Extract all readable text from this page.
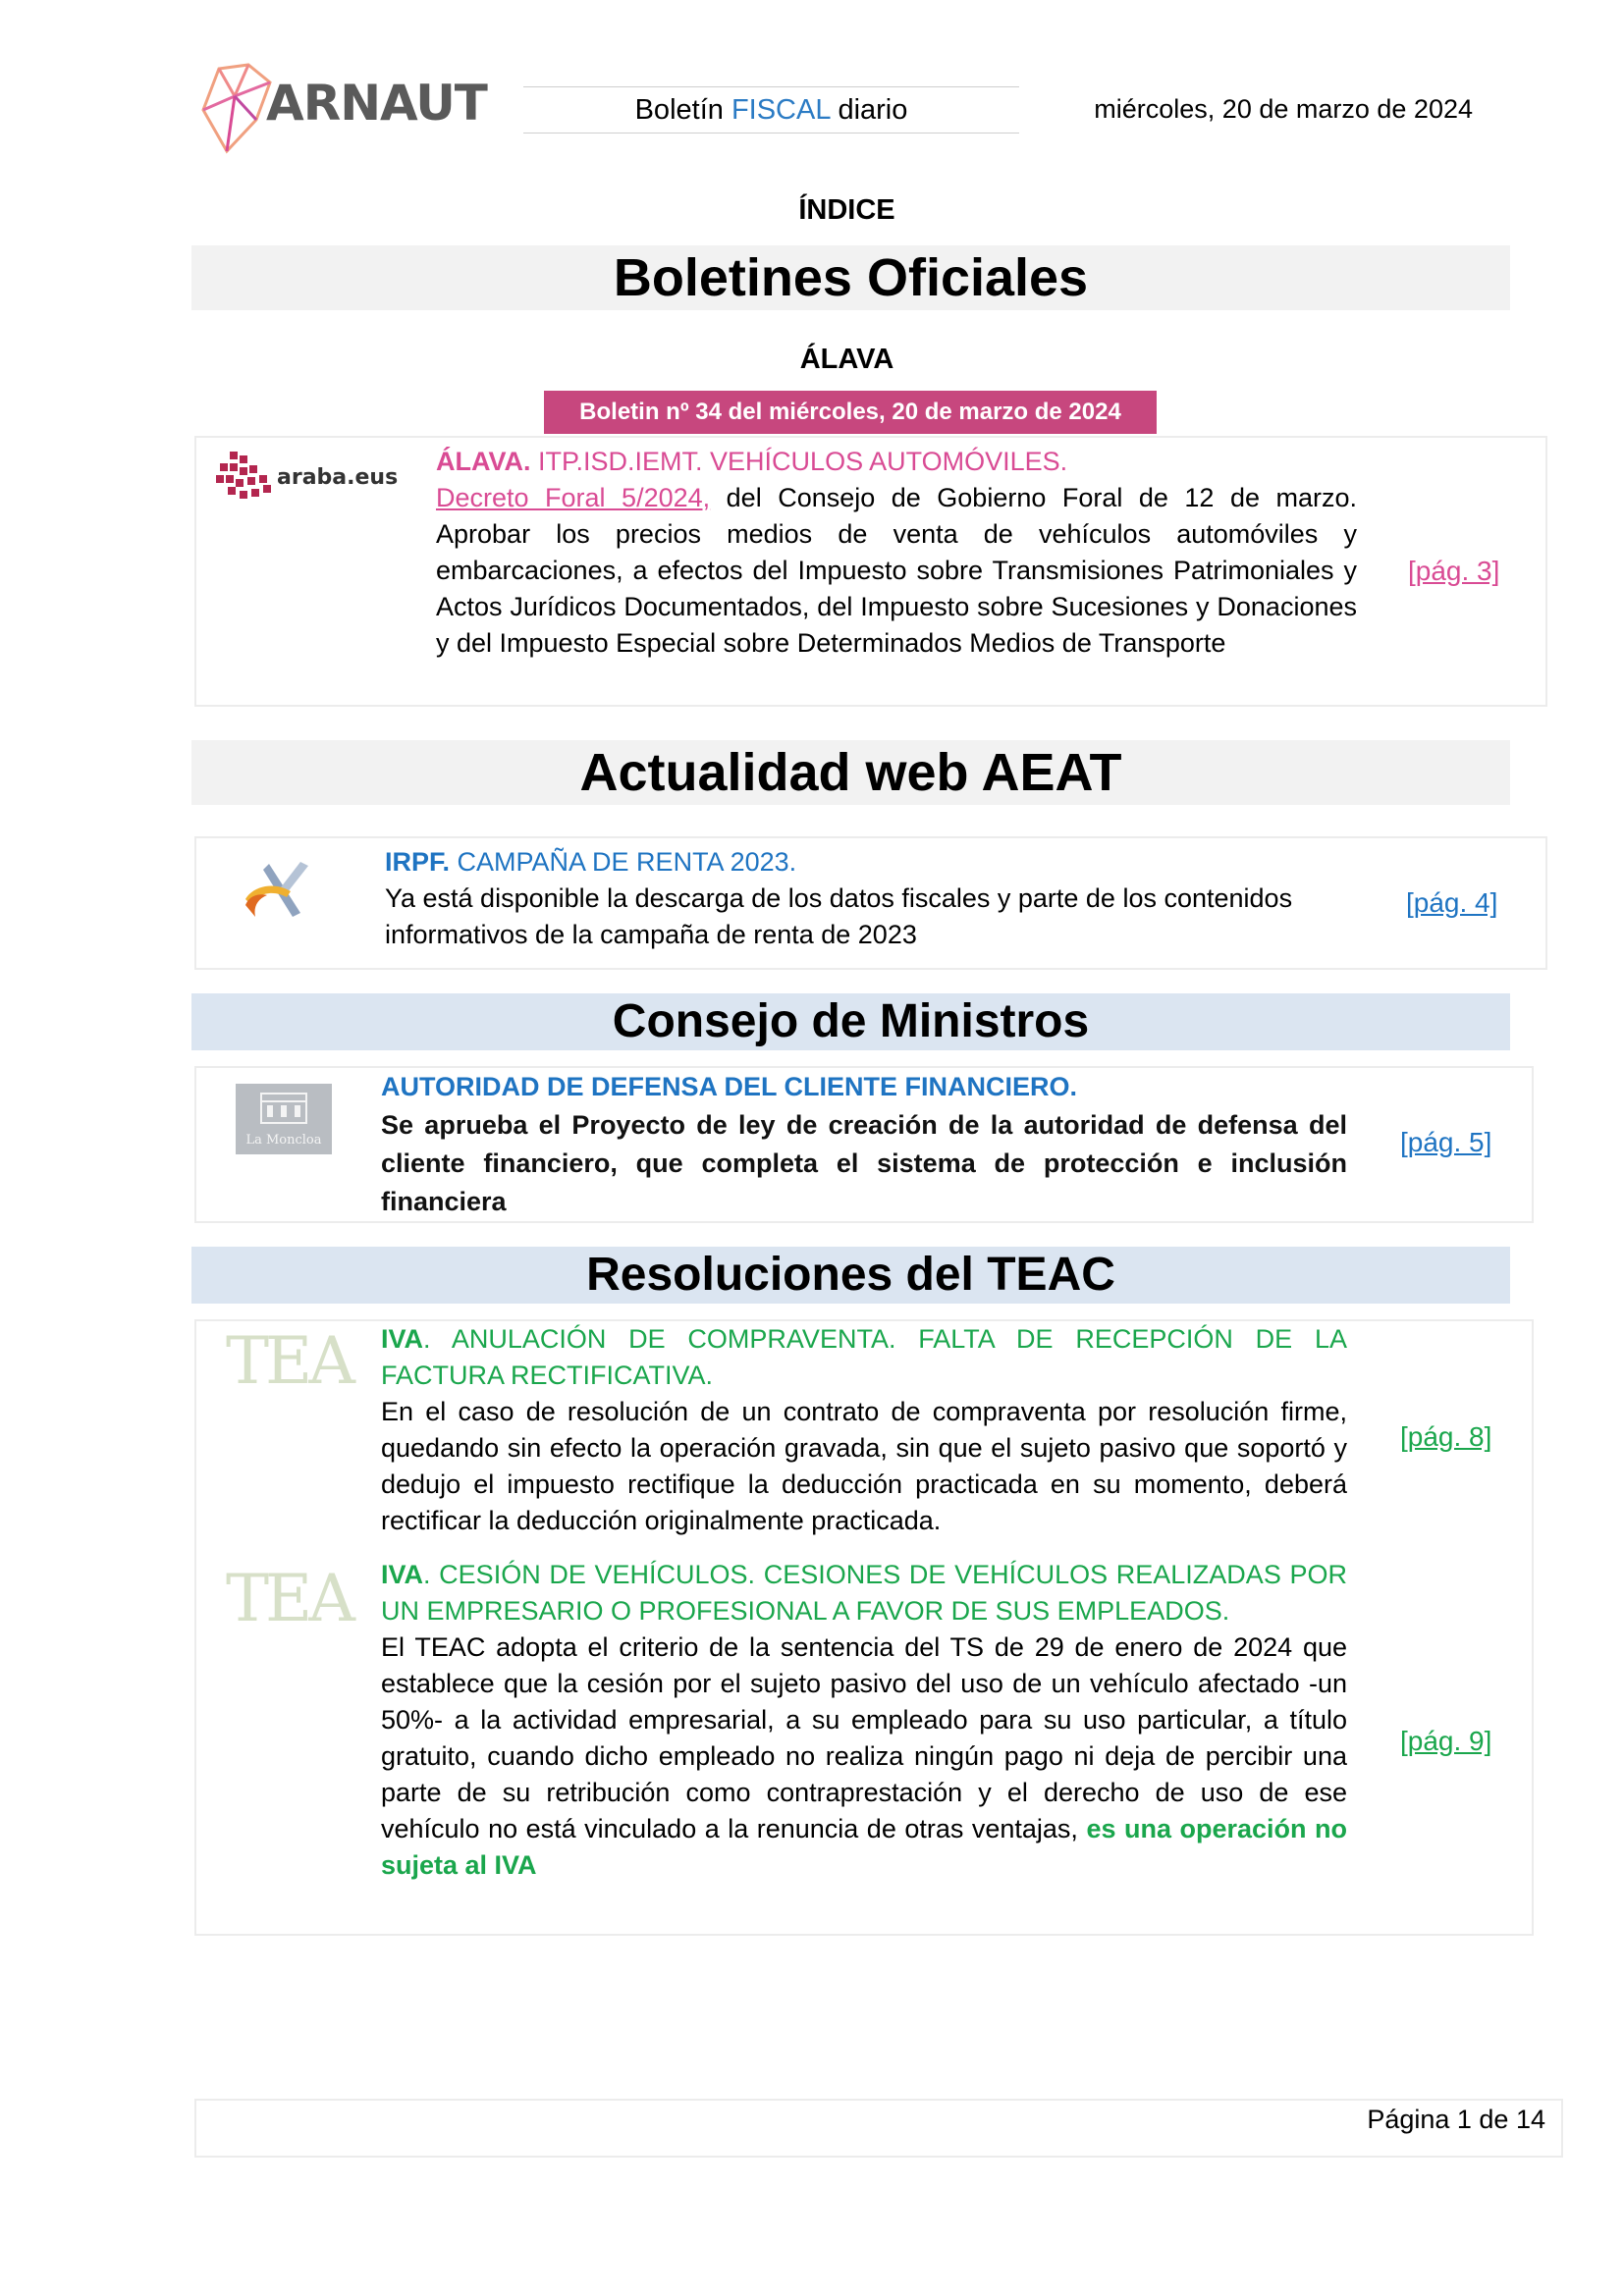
ARNAUT	Boletín FISCAL diario	miércoles, 20 de marzo de 2024
ÍNDICE
Boletines Oficiales
ÁLAVA
Boletin nº 34 del miércoles, 20 de marzo de 2024
araba.eus
ÁLAVA. ITP.ISD.IEMT. VEHÍCULOS AUTOMÓVILES.
Decreto Foral 5/2024, del Consejo de Gobierno Foral de 12 de marzo. Aprobar los precios medios de venta de vehículos automóviles y embarcaciones, a efectos del Impuesto sobre Transmisiones Patrimoniales y Actos Jurídicos Documentados, del Impuesto sobre Sucesiones y Donaciones y del Impuesto Especial sobre Determinados Medios de Transporte
[pág. 3]
Actualidad web AEAT
IRPF. CAMPAÑA DE RENTA 2023.
Ya está disponible la descarga de los datos fiscales y parte de los contenidos informativos de la campaña de renta de 2023
[pág. 4]
Consejo de Ministros
La Moncloa
AUTORIDAD DE DEFENSA DEL CLIENTE FINANCIERO.
Se aprueba el Proyecto de ley de creación de la autoridad de defensa del cliente financiero, que completa el sistema de protección e inclusión financiera
[pág. 5]
Resoluciones del TEAC
TEA IVA. ANULACIÓN DE COMPRAVENTA. FALTA DE RECEPCIÓN DE LA FACTURA RECTIFICATIVA.
En el caso de resolución de un contrato de compraventa por resolución firme, quedando sin efecto la operación gravada, sin que el sujeto pasivo que soportó y dedujo el impuesto rectifique la deducción practicada en su momento, deberá rectificar la deducción originalmente practicada.
[pág. 8]
TEA IVA. CESIÓN DE VEHÍCULOS. CESIONES DE VEHÍCULOS REALIZADAS POR UN EMPRESARIO O PROFESIONAL A FAVOR DE SUS EMPLEADOS.
El TEAC adopta el criterio de la sentencia del TS de 29 de enero de 2024 que establece que la cesión por el sujeto pasivo del uso de un vehículo afectado -un 50%- a la actividad empresarial, a su empleado para su uso particular, a título gratuito, cuando dicho empleado no realiza ningún pago ni deja de percibir una parte de su retribución como contraprestación y el derecho de uso de ese vehículo no está vinculado a la renuncia de otras ventajas, es una operación no sujeta al IVA
[pág. 9]
Página 1 de 14
